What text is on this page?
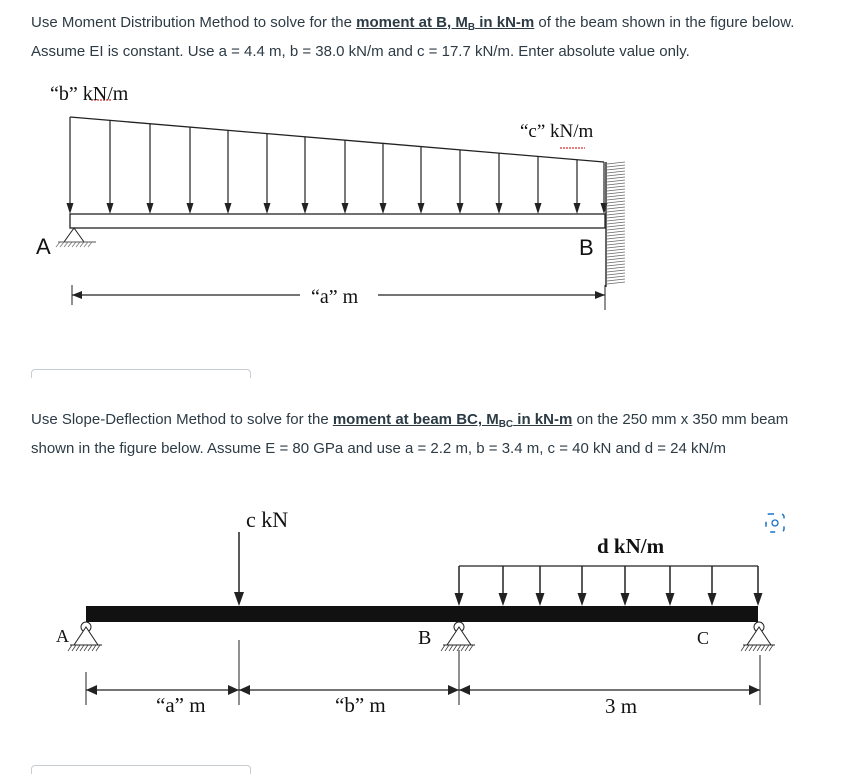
Use Moment Distribution Method to solve for the moment at B, $M_B$ in kN-m of the beam shown in the figure below. Assume EI is constant. Use a = 4.4 m, b = 38.0 kN/m and c = 17.7 kN/m. Enter absolute value only.
“b” kN/m
“c” kN/m
A	B
“a” m
Use Slope-Deflection Method to solve for the moment at beam BC, $M_{BC}$ in kN-m on the 250 mm x 350 mm beam shown in the figure below. Assume E = 80 GPa and use a = 2.2 m, b = 3.4 m, c = 40 kN and d = 24 kN/m
c kN
d kN/m
A	B	C
“a” m	“b” m	3 m
